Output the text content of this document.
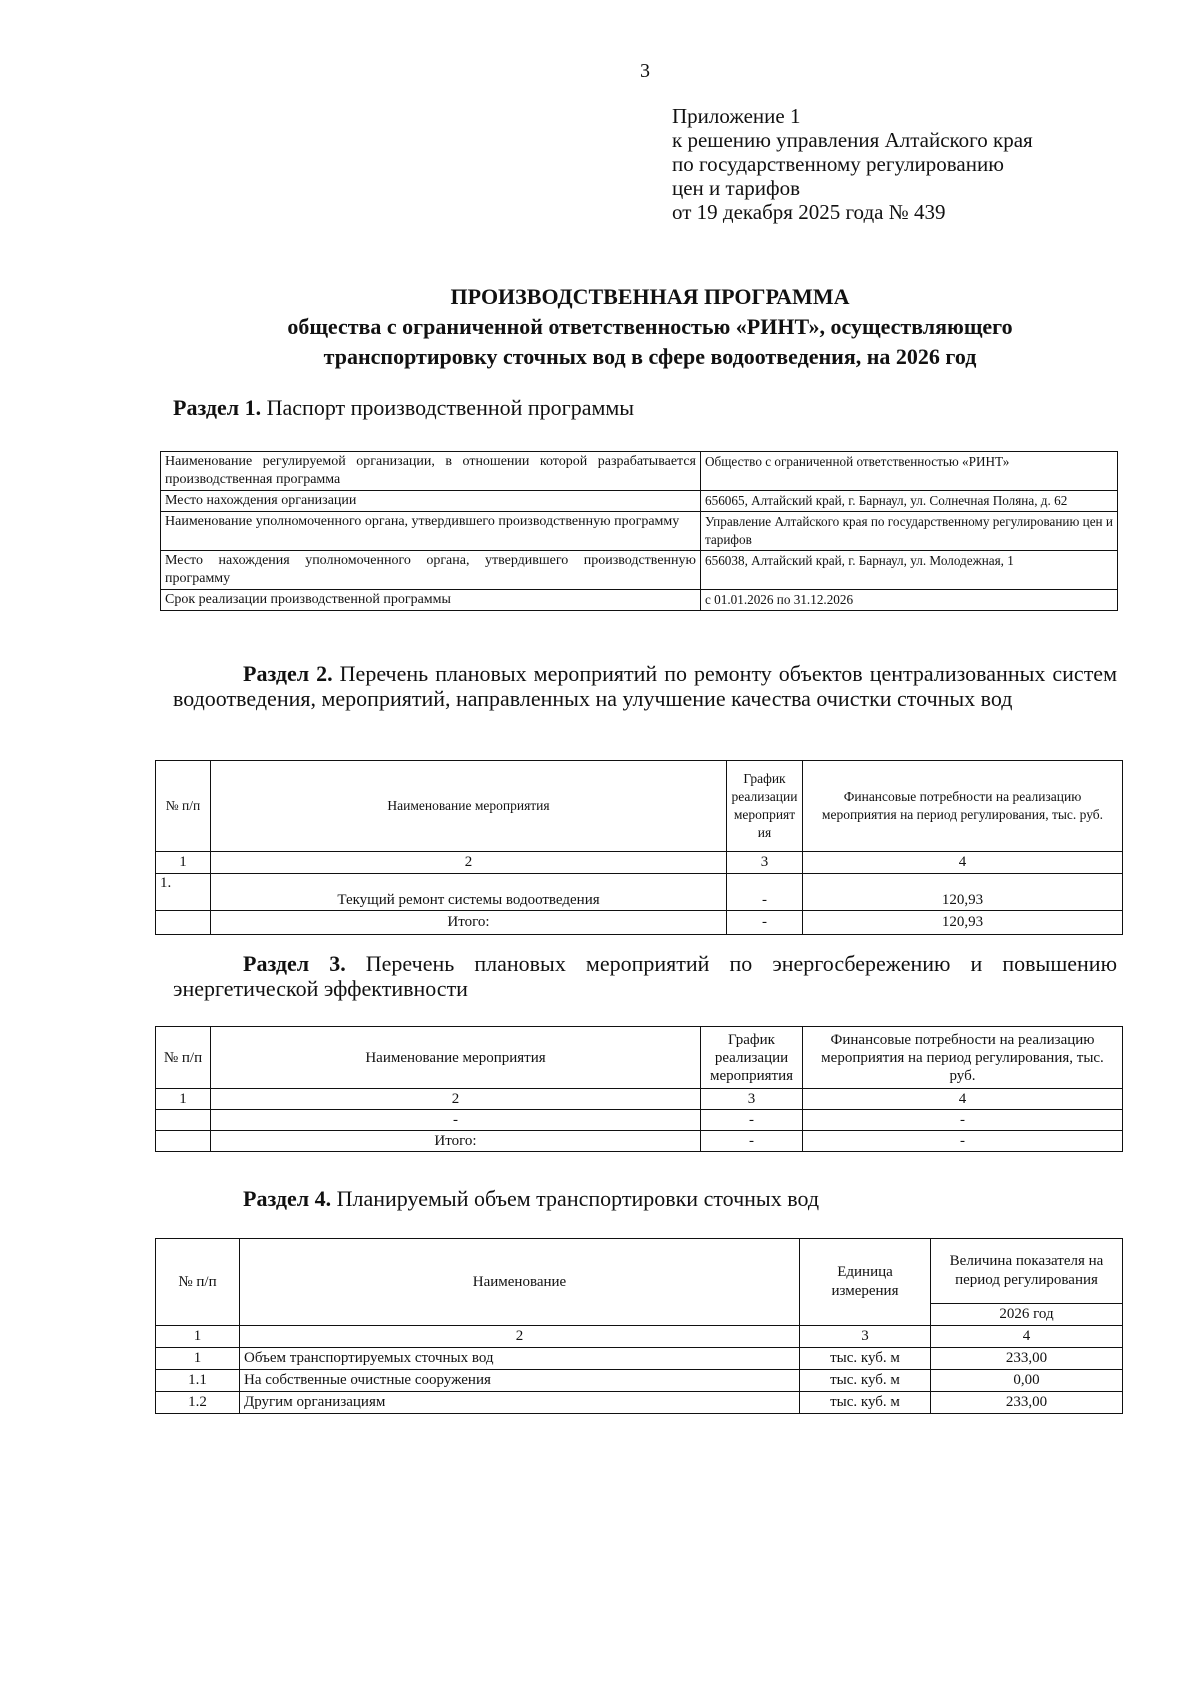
3
Приложение 1
к решению управления Алтайского края
по государственному регулированию
цен и тарифов
от 19 декабря 2025 года № 439
ПРОИЗВОДСТВЕННАЯ ПРОГРАММА
общества с ограниченной ответственностью «РИНТ», осуществляющего
транспортировку сточных вод в сфере водоотведения, на 2026 год
Раздел 1. Паспорт производственной программы
Наименование регулируемой организации, в отношении которой разрабатывается производственная программа	Общество с ограниченной ответственностью «РИНТ»
Место нахождения организации	656065, Алтайский край, г. Барнаул, ул. Солнечная Поляна, д. 62
Наименование уполномоченного органа, утвердившего производственную программу	Управление Алтайского края по государственному регулированию цен и тарифов
Место нахождения уполномоченного органа, утвердившего производственную программу	656038, Алтайский край, г. Барнаул, ул. Молодежная, 1
Срок реализации производственной программы	с 01.01.2026 по 31.12.2026
Раздел 2. Перечень плановых мероприятий по ремонту объектов централизованных систем водоотведения, мероприятий, направленных на улучшение качества очистки сточных вод
№ п/п	Наименование мероприятия	График реализации мероприят ия	Финансовые потребности на реализацию мероприятия на период регулирования, тыс. руб.
1	2	3	4
1.	Текущий ремонт системы водоотведения	-	120,93
	Итого:	-	120,93
Раздел 3. Перечень плановых мероприятий по энергосбережению и повышению энергетической эффективности
№ п/п	Наименование мероприятия	График реализации мероприятия	Финансовые потребности на реализацию мероприятия на период регулирования, тыс. руб.
1	2	3	4
	-	-	-
	Итого:	-	-
Раздел 4. Планируемый объем транспортировки сточных вод
№ п/п	Наименование	Единица измерения	Величина показателя на период регулирования
			2026 год
1	2	3	4
1	Объем транспортируемых сточных вод	тыс. куб. м	233,00
1.1	На собственные очистные сооружения	тыс. куб. м	0,00
1.2	Другим организациям	тыс. куб. м	233,00
